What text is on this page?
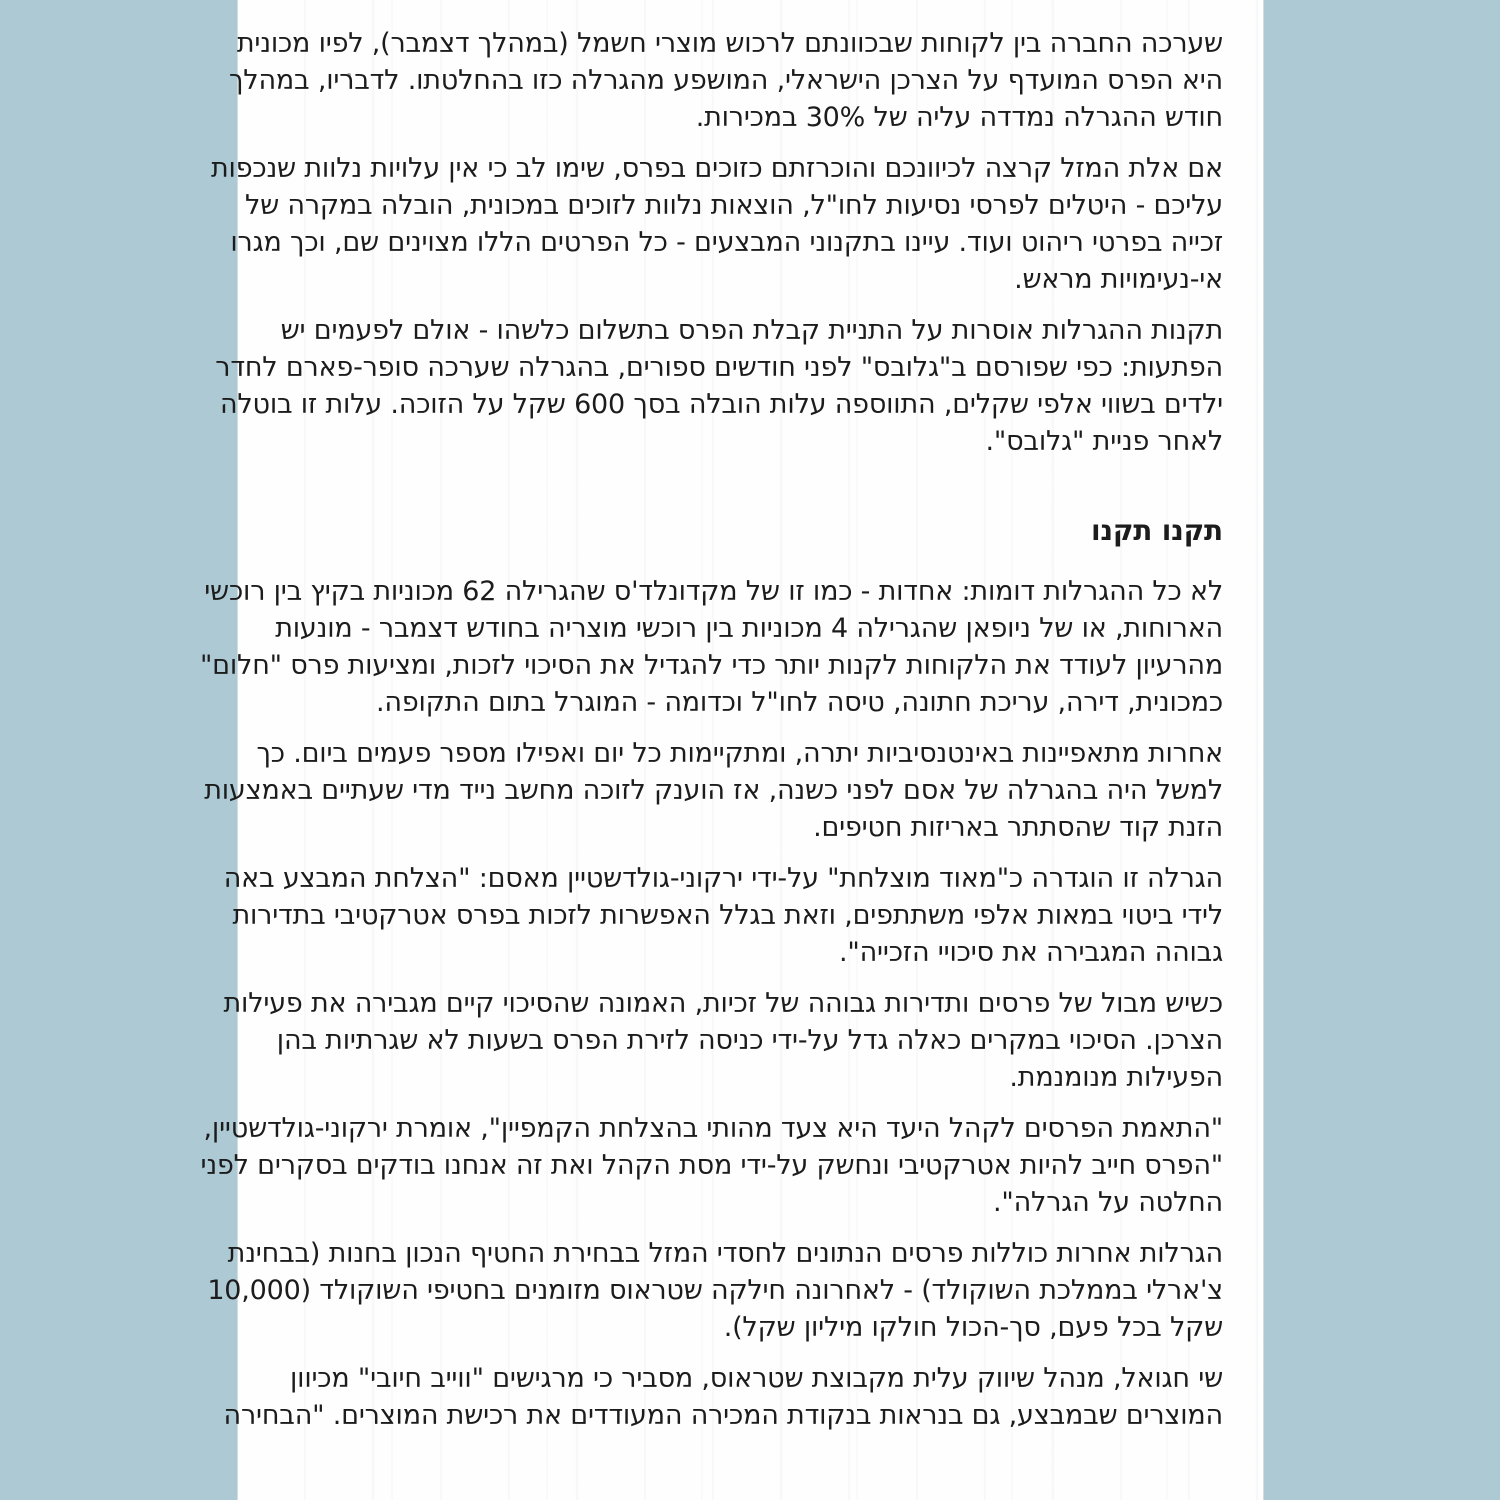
שערכה החברה בין לקוחות שבכוונתם לרכוש מוצרי חשמל (במהלך דצמבר), לפיו מכונית
היא הפרס המועדף על הצרכן הישראלי, המושפע מהגרלה כזו בהחלטתו. לדבריו, במהלך
חודש ההגרלה נמדדה עליה של 30% במכירות.
אם אלת המזל קרצה לכיוונכם והוכרזתם כזוכים בפרס, שימו לב כי אין עלויות נלוות שנכפות
עליכם - היטלים לפרסי נסיעות לחו"ל, הוצאות נלוות לזוכים במכונית, הובלה במקרה של
זכייה בפרטי ריהוט ועוד. עיינו בתקנוני המבצעים - כל הפרטים הללו מצוינים שם, וכך מגרו
אי-נעימויות מראש.
תקנות ההגרלות אוסרות על התניית קבלת הפרס בתשלום כלשהו - אולם לפעמים יש
הפתעות: כפי שפורסם ב"גלובס" לפני חודשים ספורים, בהגרלה שערכה סופר-פארם לחדר
ילדים בשווי אלפי שקלים, התווספה עלות הובלה בסך 600 שקל על הזוכה. עלות זו בוטלה
לאחר פניית "גלובס".
תקנו תקנו
לא כל ההגרלות דומות: אחדות - כמו זו של מקדונלד'ס שהגרילה 62 מכוניות בקיץ בין רוכשי
הארוחות, או של ניופאן שהגרילה 4 מכוניות בין רוכשי מוצריה בחודש דצמבר - מונעות
מהרעיון לעודד את הלקוחות לקנות יותר כדי להגדיל את הסיכוי לזכות, ומציעות פרס "חלום"
כמכונית, דירה, עריכת חתונה, טיסה לחו"ל וכדומה - המוגרל בתום התקופה.
אחרות מתאפיינות באינטנסיביות יתרה, ומתקיימות כל יום ואפילו מספר פעמים ביום. כך
למשל היה בהגרלה של אסם לפני כשנה, אז הוענק לזוכה מחשב נייד מדי שעתיים באמצעות
הזנת קוד שהסתתר באריזות חטיפים.
הגרלה זו הוגדרה כ"מאוד מוצלחת" על-ידי ירקוני-גולדשטיין מאסם: "הצלחת המבצע באה
לידי ביטוי במאות אלפי משתתפים, וזאת בגלל האפשרות לזכות בפרס אטרקטיבי בתדירות
גבוהה המגבירה את סיכויי הזכייה".
כשיש מבול של פרסים ותדירות גבוהה של זכיות, האמונה שהסיכוי קיים מגבירה את פעילות
הצרכן. הסיכוי במקרים כאלה גדל על-ידי כניסה לזירת הפרס בשעות לא שגרתיות בהן
הפעילות מנומנמת.
"התאמת הפרסים לקהל היעד היא צעד מהותי בהצלחת הקמפיין", אומרת ירקוני-גולדשטיין,
"הפרס חייב להיות אטרקטיבי ונחשק על-ידי מסת הקהל ואת זה אנחנו בודקים בסקרים לפני
החלטה על הגרלה".
הגרלות אחרות כוללות פרסים הנתונים לחסדי המזל בבחירת החטיף הנכון בחנות (בבחינת
צ'ארלי בממלכת השוקולד) - לאחרונה חילקה שטראוס מזומנים בחטיפי השוקולד (10,000
שקל בכל פעם, סך-הכול חולקו מיליון שקל).
שי חגואל, מנהל שיווק עלית מקבוצת שטראוס, מסביר כי מרגישים "ווייב חיובי" מכיוון
המוצרים שבמבצע, גם בנראות בנקודת המכירה המעודדים את רכישת המוצרים. "הבחירה
